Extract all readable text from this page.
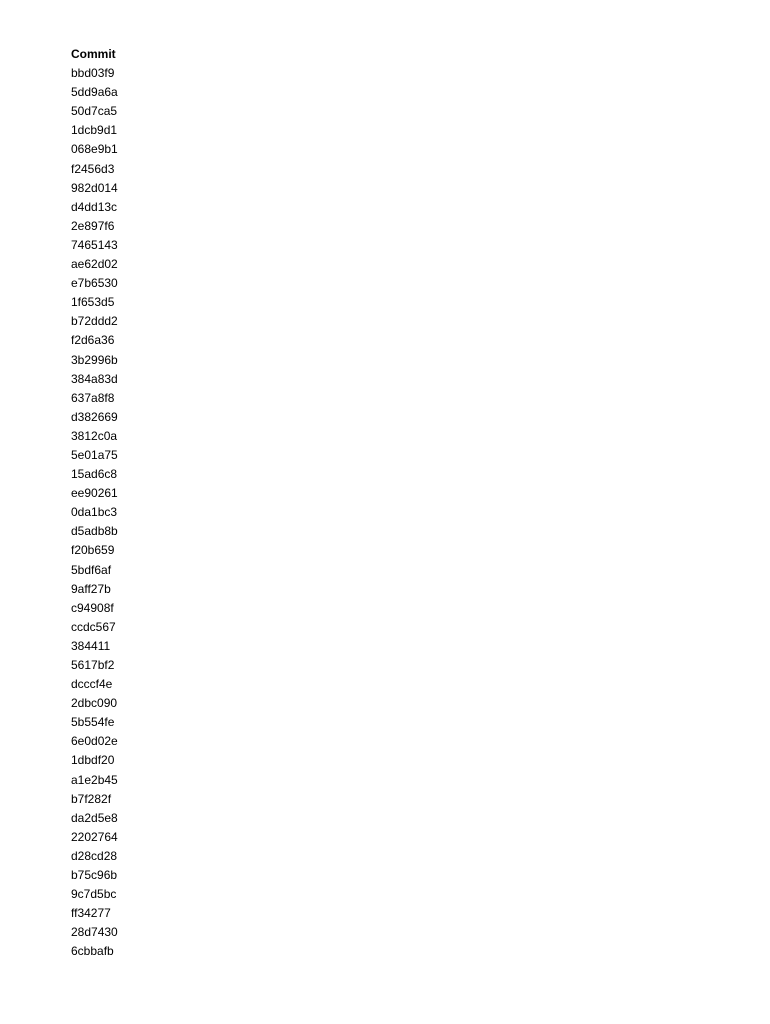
Commit
bbd03f9
5dd9a6a
50d7ca5
1dcb9d1
068e9b1
f2456d3
982d014
d4dd13c
2e897f6
7465143
ae62d02
e7b6530
1f653d5
b72ddd2
f2d6a36
3b2996b
384a83d
637a8f8
d382669
3812c0a
5e01a75
15ad6c8
ee90261
0da1bc3
d5adb8b
f20b659
5bdf6af
9aff27b
c94908f
ccdc567
384411
5617bf2
dcccf4e
2dbc090
5b554fe
6e0d02e
1dbdf20
a1e2b45
b7f282f
da2d5e8
2202764
d28cd28
b75c96b
9c7d5bc
ff34277
28d7430
6cbbafb
